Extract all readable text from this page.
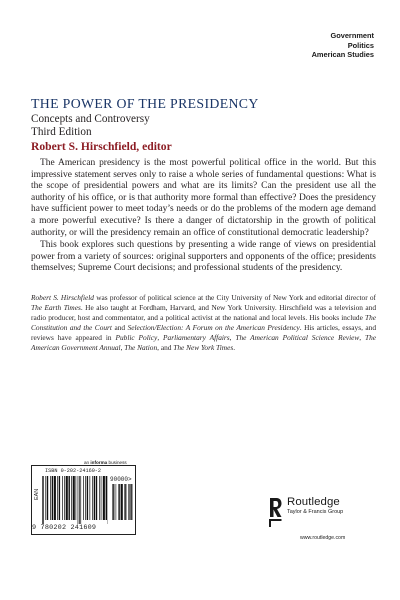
Government
Politics
American Studies
THE POWER OF THE PRESIDENCY
Concepts and Controversy
Third Edition
Robert S. Hirschfield, editor

The American presidency is the most powerful political office in the world. But this impressive statement serves only to raise a whole series of fundamental questions: What is the scope of presidential powers and what are its limits? Can the president use all the authority of his office, or is that authority more formal than effective? Does the presidency have sufficient power to meet today’s needs or do the problems of the modern age demand a more powerful executive? Is there a danger of dictatorship in the growth of political authority, or will the presidency remain an office of constitutional democratic leadership?

This book explores such questions by presenting a wide range of views on presidential power from a variety of sources: original supporters and opponents of the office; presidents themselves; Supreme Court decisions; and professional students of the presidency.

Robert S. Hirschfield was professor of political science at the City University of New York and editorial director of The Earth Times. He also taught at Fordham, Harvard, and New York University. Hirschfield was a television and radio producer, host and commentator, and a political activist at the national and local levels. His books include The Constitution and the Court and Selection/Election: A Forum on the American Presidency. His articles, essays, and reviews have appeared in Public Policy, Parliamentary Affairs, The American Political Science Review, The American Government Annual, The Nation, and The New York Times.
an informa business
ISBN 0-202-24160-2
EAN
90000>
9 780202 241609
Routledge
Taylor & Francis Group
www.routledge.com
